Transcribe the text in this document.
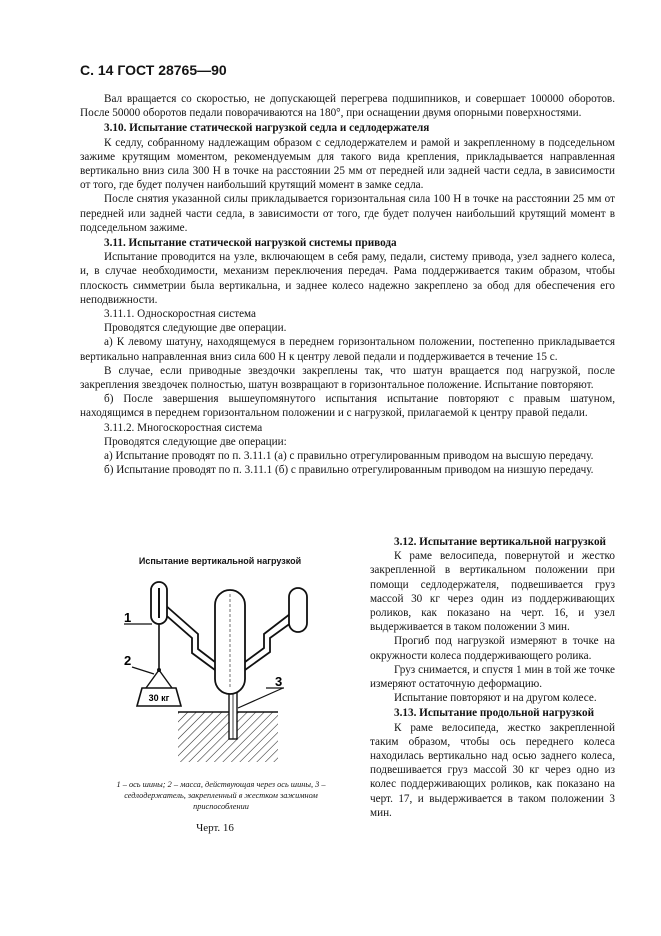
С. 14 ГОСТ 28765—90

Вал вращается со скоростью, не допускающей перегрева подшипников, и совершает 100000 оборотов. После 50000 оборотов педали поворачиваются на 180°, при оснащении двумя опорными поверхностями.

3.10. Испытание статической нагрузкой седла и седлодержателя

К седлу, собранному надлежащим образом с седлодержателем и рамой и закрепленному в подседельном зажиме крутящим моментом, рекомендуемым для такого вида крепления, прикладывается направленная вертикально вниз сила 300 Н в точке на расстоянии 25 мм от передней или задней части седла, в зависимости от того, где будет получен наибольший крутящий момент в замке седла.

После снятия указанной силы прикладывается горизонтальная сила 100 Н в точке на расстоянии 25 мм от передней или задней части седла, в зависимости от того, где будет получен наибольший крутящий момент в подседельном зажиме.

3.11. Испытание статической нагрузкой системы привода

Испытание проводится на узле, включающем в себя раму, педали, систему привода, узел заднего колеса, и, в случае необходимости, механизм переключения передач. Рама поддерживается таким образом, чтобы плоскость симметрии была вертикальна, и заднее колесо надежно закреплено за обод для обеспечения его неподвижности.

3.11.1. Односкоростная система

Проводятся следующие две операции.

а) К левому шатуну, находящемуся в переднем горизонтальном положении, постепенно прикладывается вертикально направленная вниз сила 600 Н к центру левой педали и поддерживается в течение 15 с.

В случае, если приводные звездочки закреплены так, что шатун вращается под нагрузкой, после закрепления звездочек полностью, шатун возвращают в горизонтальное положение. Испытание повторяют.

б) После завершения вышеупомянутого испытания испытание повторяют с правым шатуном, находящимся в переднем горизонтальном положении и с нагрузкой, прилагаемой к центру правой педали.

3.11.2. Многоскоростная система

Проводятся следующие две операции:

а) Испытание проводят по п. 3.11.1 (а) с правильно отрегулированным приводом на высшую передачу.

б) Испытание проводят по п. 3.11.1 (б) с правильно отрегулированным приводом на низшую передачу.

Испытание вертикальной нагрузкой
30 кг
1
2
3
1 – ось шины; 2 – масса, действующая через ось шины, 3 – седлодержатель, закрепленный в жестком зажимном приспособлении
Черт. 16

3.12. Испытание вертикальной нагрузкой

К раме велосипеда, повернутой и жестко закрепленной в вертикальном положении при помощи седлодержателя, подвешивается груз массой 30 кг через один из поддерживающих роликов, как показано на черт. 16, и узел выдерживается в таком положении 3 мин.

Прогиб под нагрузкой измеряют в точке на окружности колеса поддерживающего ролика.

Груз снимается, и спустя 1 мин в той же точке измеряют остаточную деформацию.

Испытание повторяют и на другом колесе.

3.13. Испытание продольной нагрузкой

К раме велосипеда, жестко закрепленной таким образом, чтобы ось переднего колеса находилась вертикально над осью заднего колеса, подвешивается груз массой 30 кг через одно из колес поддерживающих роликов, как показано на черт. 17, и выдерживается в таком положении 3 мин.
